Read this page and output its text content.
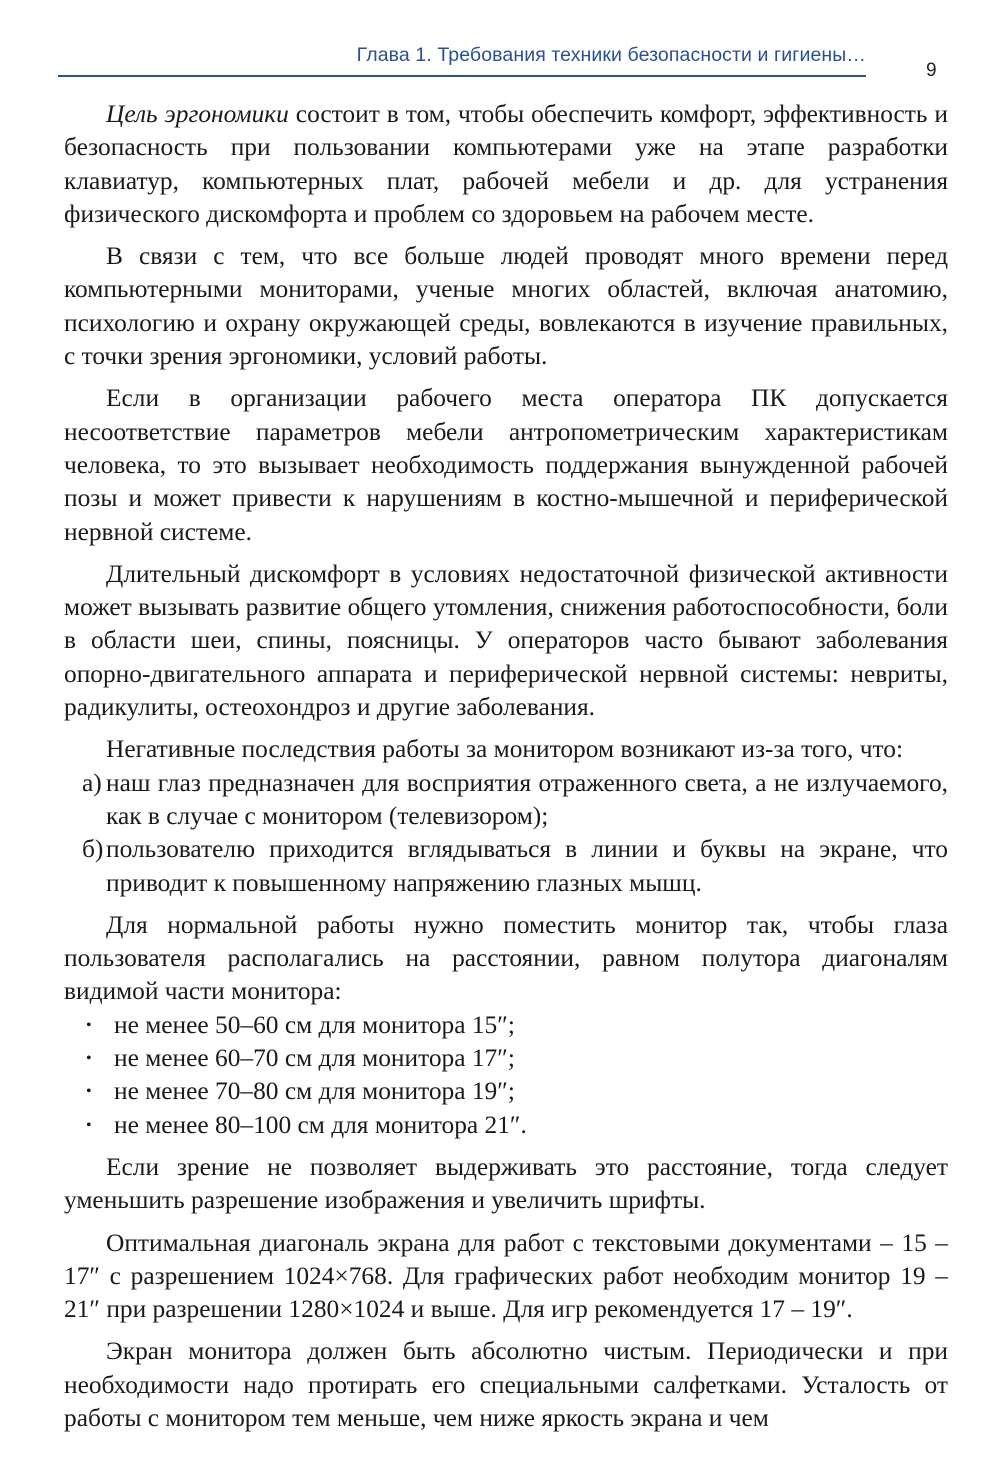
Глава 1. Требования техники безопасности и гигиены…
9

Цель эргономики состоит в том, чтобы обеспечить комфорт, эффективность и безопасность при пользовании компьютерами уже на этапе разработки клавиатур, компьютерных плат, рабочей мебели и др. для устранения физического дискомфорта и проблем со здоровьем на рабочем месте.

В связи с тем, что все больше людей проводят много времени перед компьютерными мониторами, ученые многих областей, включая анатомию, психологию и охрану окружающей среды, вовлекаются в изучение правильных, с точки зрения эргономики, условий работы.

Если в организации рабочего места оператора ПК допускается несоответствие параметров мебели антропометрическим характеристикам человека, то это вызывает необходимость поддержания вынужденной рабочей позы и может привести к нарушениям в костно-мышечной и периферической нервной системе.

Длительный дискомфорт в условиях недостаточной физической активности может вызывать развитие общего утомления, снижения работоспособности, боли в области шеи, спины, поясницы. У операторов часто бывают заболевания опорно-двигательного аппарата и периферической нервной системы: невриты, радикулиты, остеохондроз и другие заболевания.

Негативные последствия работы за монитором возникают из-за того, что:

а) наш глаз предназначен для восприятия отраженного света, а не излучаемого, как в случае с монитором (телевизором);
б) пользователю приходится вглядываться в линии и буквы на экране, что приводит к повышенному напряжению глазных мышц.

Для нормальной работы нужно поместить монитор так, чтобы глаза пользователя располагались на расстоянии, равном полутора диагоналям видимой части монитора:

• не менее 50–60 см для монитора 15″;
• не менее 60–70 см для монитора 17″;
• не менее 70–80 см для монитора 19″;
• не менее 80–100 см для монитора 21″.

Если зрение не позволяет выдерживать это расстояние, тогда следует уменьшить разрешение изображения и увеличить шрифты.

Оптимальная диагональ экрана для работ с текстовыми документами – 15 – 17″ с разрешением 1024×768. Для графических работ необходим монитор 19 – 21″ при разрешении 1280×1024 и выше. Для игр рекомендуется 17 – 19″.

Экран монитора должен быть абсолютно чистым. Периодически и при необходимости надо протирать его специальными салфетками. Усталость от работы с монитором тем меньше, чем ниже яркость экрана и чем
